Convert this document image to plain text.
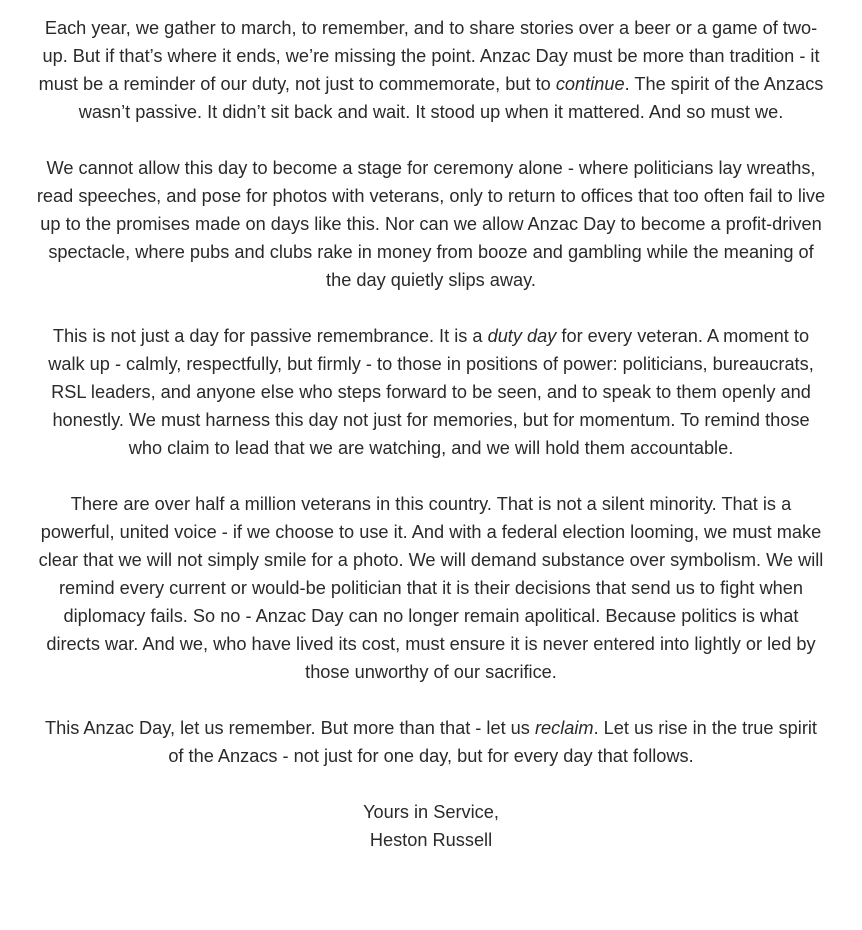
Each year, we gather to march, to remember, and to share stories over a beer or a game of two-up. But if that’s where it ends, we’re missing the point. Anzac Day must be more than tradition - it must be a reminder of our duty, not just to commemorate, but to continue. The spirit of the Anzacs wasn’t passive. It didn’t sit back and wait. It stood up when it mattered. And so must we.

We cannot allow this day to become a stage for ceremony alone - where politicians lay wreaths, read speeches, and pose for photos with veterans, only to return to offices that too often fail to live up to the promises made on days like this. Nor can we allow Anzac Day to become a profit-driven spectacle, where pubs and clubs rake in money from booze and gambling while the meaning of the day quietly slips away.

This is not just a day for passive remembrance. It is a duty day for every veteran. A moment to walk up - calmly, respectfully, but firmly - to those in positions of power: politicians, bureaucrats, RSL leaders, and anyone else who steps forward to be seen, and to speak to them openly and honestly. We must harness this day not just for memories, but for momentum. To remind those who claim to lead that we are watching, and we will hold them accountable.

There are over half a million veterans in this country. That is not a silent minority. That is a powerful, united voice - if we choose to use it. And with a federal election looming, we must make clear that we will not simply smile for a photo. We will demand substance over symbolism. We will remind every current or would-be politician that it is their decisions that send us to fight when diplomacy fails. So no - Anzac Day can no longer remain apolitical. Because politics is what directs war. And we, who have lived its cost, must ensure it is never entered into lightly or led by those unworthy of our sacrifice.

This Anzac Day, let us remember. But more than that - let us reclaim. Let us rise in the true spirit of the Anzacs - not just for one day, but for every day that follows.

Yours in Service,

Heston Russell
